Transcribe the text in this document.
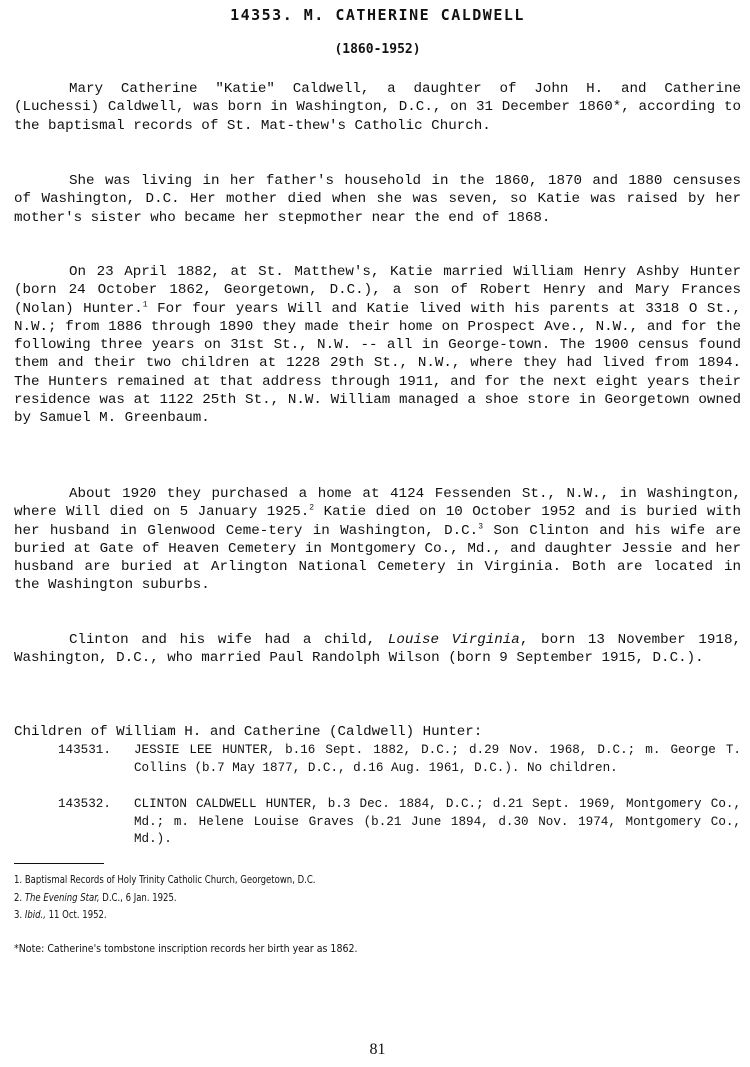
14353. M. CATHERINE CALDWELL
(1860-1952)

Mary Catherine "Katie" Caldwell, a daughter of John H. and Catherine (Luchessi) Caldwell, was born in Washington, D.C., on 31 December 1860*, according to the baptismal records of St. Mat-thew's Catholic Church.

She was living in her father's household in the 1860, 1870 and 1880 censuses of Washington, D.C. Her mother died when she was seven, so Katie was raised by her mother's sister who became her stepmother near the end of 1868.

On 23 April 1882, at St. Matthew's, Katie married William Henry Ashby Hunter (born 24 October 1862, Georgetown, D.C.), a son of Robert Henry and Mary Frances (Nolan) Hunter.$^1$ For four years Will and Katie lived with his parents at 3318 O St., N.W.; from 1886 through 1890 they made their home on Prospect Ave., N.W., and for the following three years on 31st St., N.W. -- all in George-town. The 1900 census found them and their two children at 1228 29th St., N.W., where they had lived from 1894. The Hunters remained at that address through 1911, and for the next eight years their residence was at 1122 25th St., N.W. William managed a shoe store in Georgetown owned by Samuel M. Greenbaum.

About 1920 they purchased a home at 4124 Fessenden St., N.W., in Washington, where Will died on 5 January 1925.$^2$ Katie died on 10 October 1952 and is buried with her husband in Glenwood Ceme-tery in Washington, D.C.$^3$ Son Clinton and his wife are buried at Gate of Heaven Cemetery in Montgomery Co., Md., and daughter Jessie and her husband are buried at Arlington National Cemetery in Virginia. Both are located in the Washington suburbs.

Clinton and his wife had a child, Louise Virginia, born 13 November 1918, Washington, D.C., who married Paul Randolph Wilson (born 9 September 1915, D.C.).

Children of William H. and Catherine (Caldwell) Hunter:
143531. JESSIE LEE HUNTER, b.16 Sept. 1882, D.C.; d.29 Nov. 1968, D.C.; m. George T. Collins (b.7 May 1877, D.C., d.16 Aug. 1961, D.C.). No children.
143532. CLINTON CALDWELL HUNTER, b.3 Dec. 1884, D.C.; d.21 Sept. 1969, Montgomery Co., Md.; m. Helene Louise Graves (b.21 June 1894, d.30 Nov. 1974, Montgomery Co., Md.).
1. Baptismal Records of Holy Trinity Catholic Church, Georgetown, D.C.
2. The Evening Star, D.C., 6 Jan. 1925.
3. Ibid., 11 Oct. 1952.
*Note: Catherine's tombstone inscription records her birth year as 1862.
81
